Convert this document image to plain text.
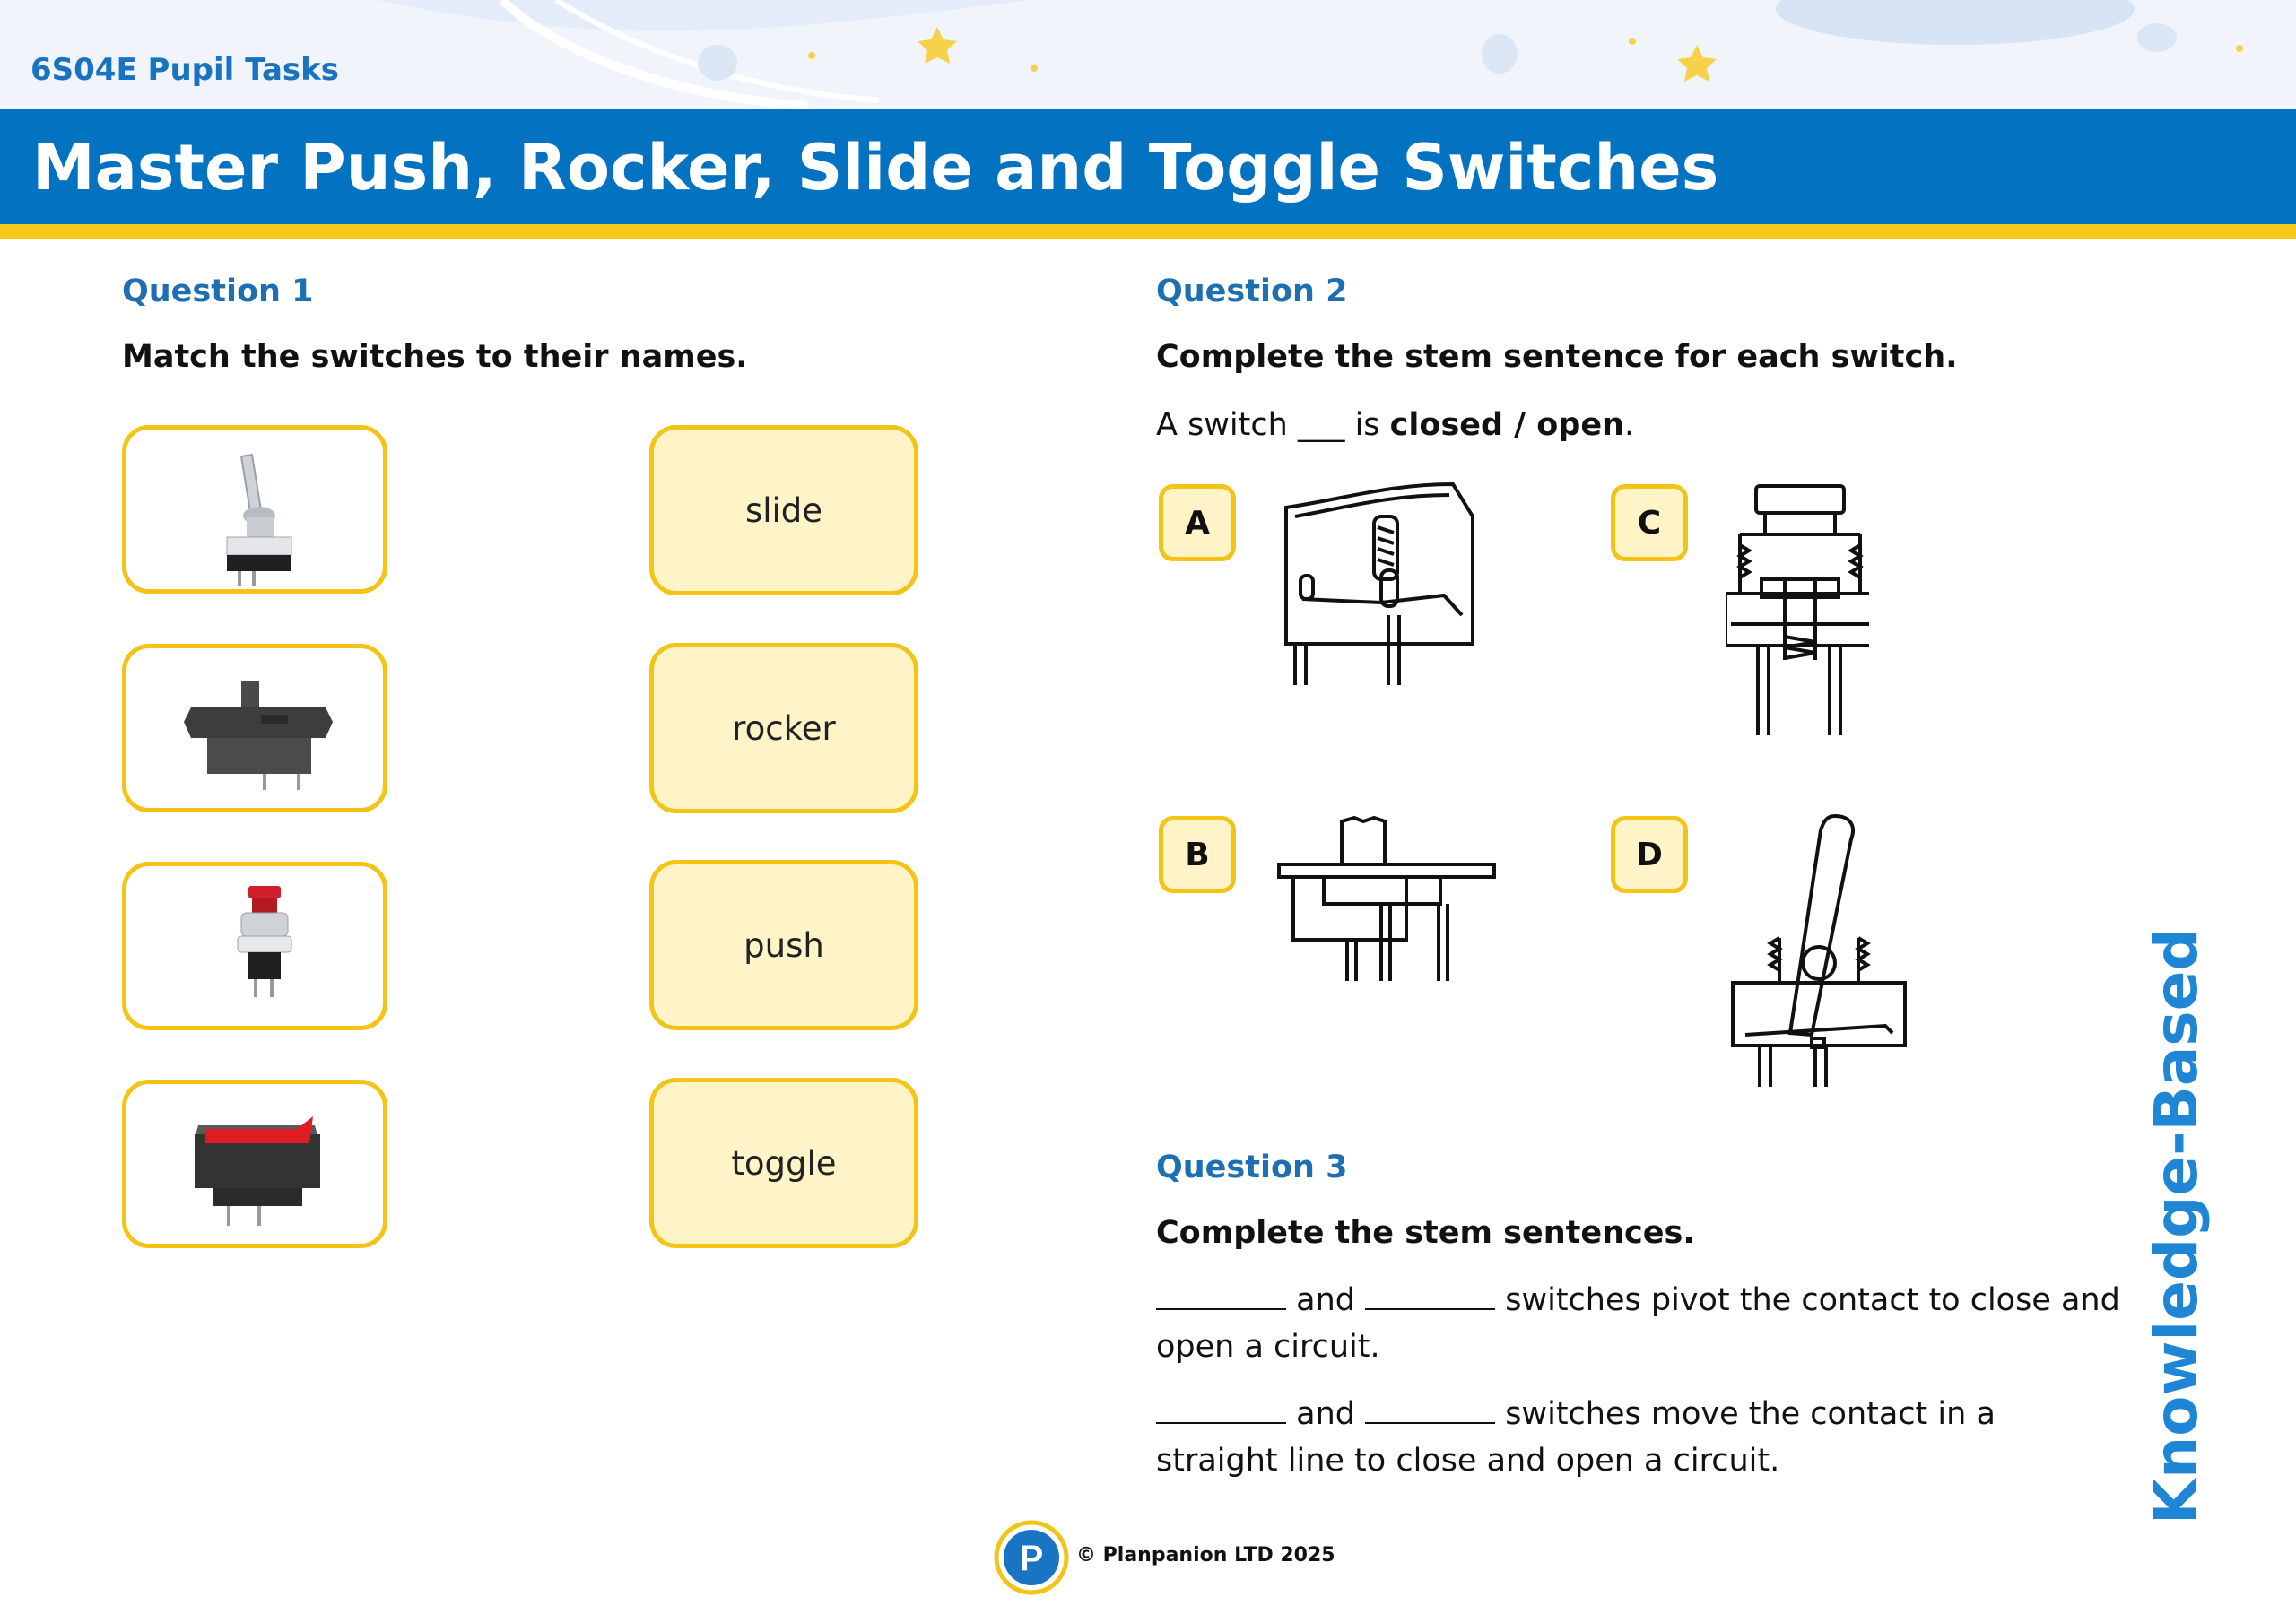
6S04E Pupil Tasks
Master Push, Rocker, Slide and Toggle Switches
Question 1
Match the switches to their names.
slide
rocker
push
toggle
Question 2
Complete the stem sentence for each switch.
A switch ___ is closed / open.
A	C
B	D
Question 3
Complete the stem sentences.
and	switches pivot the contact to close and open a circuit.
and	switches move the contact in a straight line to close and open a circuit.	Knowledge-Based
P © Planpanion LTD 2025
